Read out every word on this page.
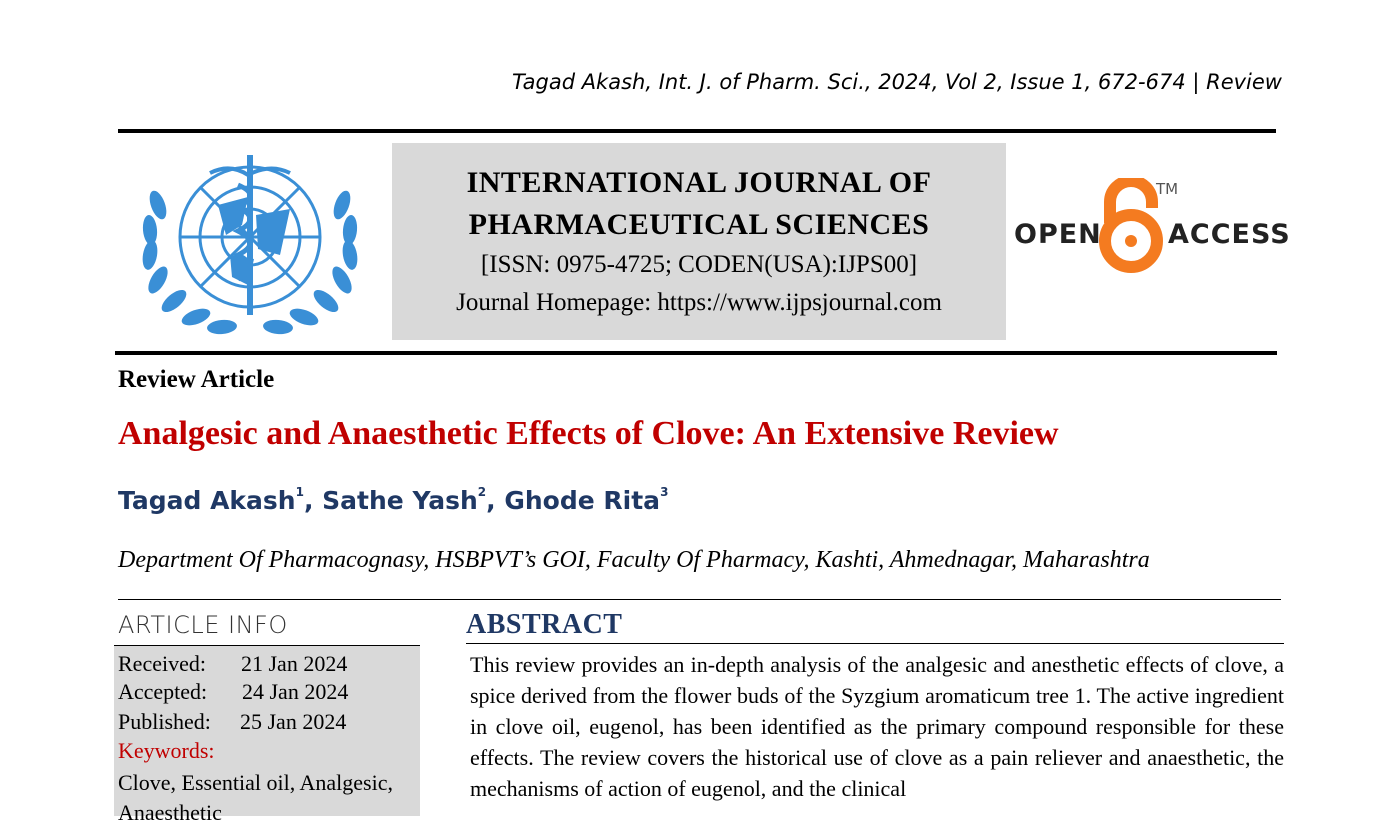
Tagad Akash, Int. J. of Pharm. Sci., 2024, Vol 2, Issue 1, 672-674 | Review
INTERNATIONAL JOURNAL OF
PHARMACEUTICAL SCIENCES
[ISSN: 0975-4725; CODEN(USA):IJPS00]
Journal Homepage: https://www.ijpsjournal.com
OPEN ACCESS
TM
Review Article
Analgesic and Anaesthetic Effects of Clove: An Extensive Review
Tagad Akash$^1$, Sathe Yash$^2$, Ghode Rita$^3$
Department Of Pharmacognasy, HSBPVT’s GOI, Faculty Of Pharmacy, Kashti, Ahmednagar, Maharashtra
ARTICLE INFO
Received: 21 Jan 2024
Accepted: 24 Jan 2024
Published: 25 Jan 2024
Keywords:
Clove, Essential oil, Analgesic, Anaesthetic
ABSTRACT
This review provides an in-depth analysis of the analgesic and anesthetic effects of clove, a spice derived from the flower buds of the Syzgium aromaticum tree 1. The active ingredient in clove oil, eugenol, has been identified as the primary compound responsible for these effects. The review covers the historical use of clove as a pain reliever and anaesthetic, the mechanisms of action of eugenol, and the clinical
